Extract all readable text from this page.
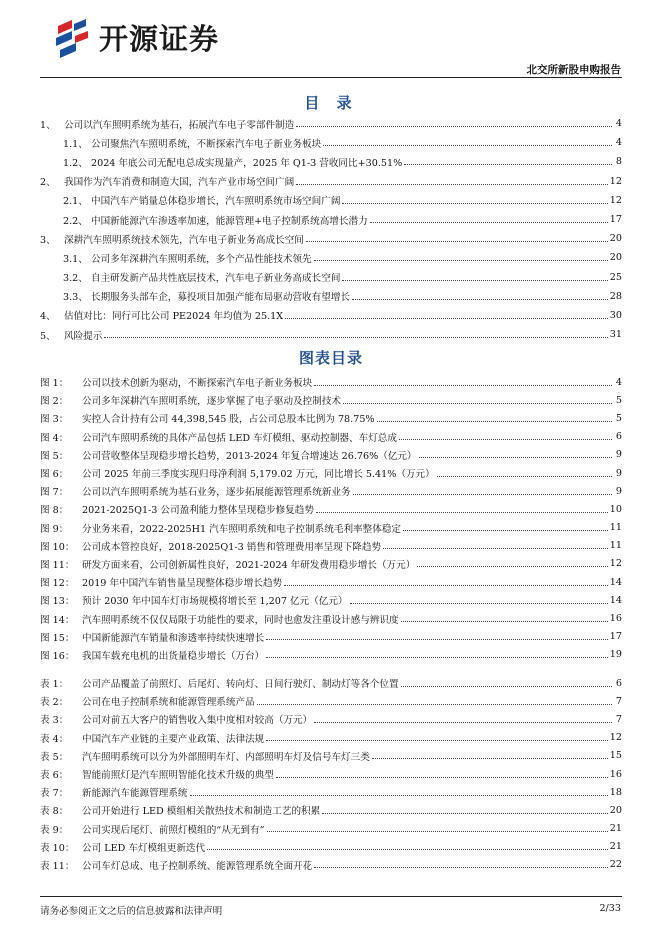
开源证券
北交所新股申购报告
目 录
1、 公司以汽车照明系统为基石，拓展汽车电子零部件制造	4
1.1、 公司聚焦汽车照明系统，不断探索汽车电子新业务板块	4
1.2、 2024 年底公司无配电总成实现量产，2025 年 Q1-3 营收同比+30.51%	8
2、 我国作为汽车消费和制造大国，汽车产业市场空间广阔	12
2.1、 中国汽车产销量总体稳步增长，汽车照明系统市场空间广阔	12
2.2、 中国新能源汽车渗透率加速，能源管理+电子控制系统高增长潜力	17
3、 深耕汽车照明系统技术领先，汽车电子新业务高成长空间	20
3.1、 公司多年深耕汽车照明系统，多个产品性能技术领先	20
3.2、 自主研发新产品共性底层技术，汽车电子新业务高成长空间	25
3.3、 长期服务头部车企，募投项目加强产能布局驱动营收有望增长	28
4、 估值对比：同行可比公司 PE2024 年均值为 25.1X	30
5、 风险提示	31
图表目录
图 1：	公司以技术创新为驱动，不断探索汽车电子新业务板块	4
图 2：	公司多年深耕汽车照明系统，逐步掌握了电子驱动及控制技术	5
图 3：	实控人合计持有公司 44,398,545 股，占公司总股本比例为 78.75%	5
图 4：	公司汽车照明系统的具体产品包括 LED 车灯模组、驱动控制器、车灯总成	6
图 5：	公司营收整体呈现稳步增长趋势，2013-2024 年复合增速达 26.76%（亿元）	9
图 6：	公司 2025 年前三季度实现归母净利润 5,179.02 万元，同比增长 5.41%（万元）	9
图 7：	公司以汽车照明系统为基石业务，逐步拓展能源管理系统新业务	9
图 8：	2021-2025Q1-3 公司盈利能力整体呈现稳步修复趋势	10
图 9：	分业务来看，2022-2025H1 汽车照明系统和电子控制系统毛利率整体稳定	11
图 10： 公司成本管控良好，2018-2025Q1-3 销售和管理费用率呈现下降趋势	11
图 11： 研发方面来看，公司创新属性良好，2021-2024 年研发费用稳步增长（万元）	12
图 12： 2019 年中国汽车销售量呈现整体稳步增长趋势	14
图 13： 预计 2030 年中国车灯市场规模将增长至 1,207 亿元（亿元）	14
图 14： 汽车照明系统不仅仅局限于功能性的要求，同时也愈发注重设计感与辨识度	16
图 15： 中国新能源汽车销量和渗透率持续快速增长	17
图 16： 我国车载充电机的出货量稳步增长（万台）	19
表 1：	公司产品覆盖了前照灯、后尾灯、转向灯、日间行驶灯、制动灯等各个位置	6
表 2：	公司在电子控制系统和能源管理系统产品	7
表 3：	公司对前五大客户的销售收入集中度相对较高（万元）	7
表 4：	中国汽车产业链的主要产业政策、法律法规	12
表 5：	汽车照明系统可以分为外部照明车灯、内部照明车灯及信号车灯三类	15
表 6：	智能前照灯是汽车照明智能化技术升级的典型	16
表 7：	新能源汽车能源管理系统	18
表 8：	公司开始进行 LED 模组相关散热技术和制造工艺的积累	20
表 9：	公司实现后尾灯、前照灯模组的“从无到有”	21
表 10： 公司 LED 车灯模组更新迭代	21
表 11： 公司车灯总成、电子控制系统、能源管理系统全面开花	22
请务必参阅正文之后的信息披露和法律声明	2/33
